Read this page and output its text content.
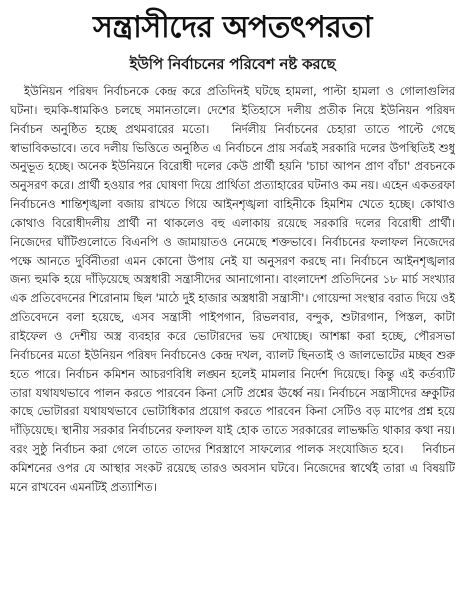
সন্ত্রাসীদের অপতৎপরতা
ইউপি নির্বাচনের পরিবেশ নষ্ট করছে

ইউনিয়ন পরিষদ নির্বাচনকে কেন্দ্র করে প্রতিদিনই ঘটছে হামলা, পাল্টা হামলা ও গোলাগুলির ঘটনা। হুমকি-ধামকিও চলছে সমানতালে। দেশের ইতিহাসে দলীয় প্রতীক নিয়ে ইউনিয়ন পরিষদ নির্বাচন অনুষ্ঠিত হচ্ছে প্রথমবারের মতো। নির্দলীয় নির্বাচনের চেহারা তাতে পাল্টে গেছে স্বাভাবিকভাবে। তবে দলীয় ভিত্তিতে অনুষ্ঠিত এ নির্বাচনে প্রায় সর্বত্রই সরকারি দলের উপস্থিতিই শুধু অনুভূত হচ্ছে। অনেক ইউনিয়নে বিরোধী দলের কেউ প্রার্থী হয়নি 'চাচা আপন প্রাণ বাঁচা' প্রবচনকে অনুসরণ করে। প্রার্থী হওয়ার পর ঘোষণা দিয়ে প্রার্থিতা প্রত্যাহারের ঘটনাও কম নয়। এহেন একতরফা নির্বাচনেও শান্তিশৃঙ্খলা বজায় রাখতে গিয়ে আইনশৃঙ্খলা বাহিনীকে হিমশিম খেতে হচ্ছে। কোথাও কোথাও বিরোধীদলীয় প্রার্থী না থাকলেও বহু এলাকায় রয়েছে সরকারি দলের বিরোধী প্রার্থী। নিজেদের ঘাঁটিগুলোতে বিএনপি ও জামায়াতও নেমেছে শক্তভাবে। নির্বাচনের ফলাফল নিজেদের পক্ষে আনতে দুর্বিনীতরা এমন কোনো উপায় নেই যা অনুসরণ করছে না। নির্বাচনে আইনশৃঙ্খলার জন্য হুমকি হয়ে দাঁড়িয়েছে অস্ত্রধারী সন্ত্রাসীদের আনাগোনা। বাংলাদেশ প্রতিদিনের ১৮ মার্চ সংখ্যার এক প্রতিবেদনের শিরোনাম ছিল 'মাঠে দুই হাজার অস্ত্রধারী সন্ত্রাসী'। গোয়েন্দা সংস্থার বরাত দিয়ে ওই প্রতিবেদনে বলা হয়েছে, এসব সন্ত্রাসী পাইপগান, রিভলবার, বন্দুক, শুটারগান, পিস্তল, কাটা রাইফেল ও দেশীয় অস্ত্র ব্যবহার করে ভোটারদের ভয় দেখাচ্ছে। আশঙ্কা করা হচ্ছে, পৌরসভা নির্বাচনের মতো ইউনিয়ন পরিষদ নির্বাচনেও কেন্দ্র দখল, ব্যালট ছিনতাই ও জালভোটের মচ্ছব শুরু হতে পারে। নির্বাচন কমিশন আচরণবিধি লঙ্ঘন হলেই মামলার নির্দেশ দিয়েছে। কিন্তু এই কর্তব্যটি তারা যথাযথভাবে পালন করতে পারবেন কিনা সেটি প্রশ্নের ঊর্ধ্বে নয়। নির্বাচনে সন্ত্রাসীদের ভ্রুকুটির কাছে ভোটাররা যথাযথভাবে ভোটাধিকার প্রয়োগ করতে পারবেন কিনা সেটিও বড় মাপের প্রশ্ন হয়ে দাঁড়িয়েছে। স্থানীয় সরকার নির্বাচনের ফলাফল যাই হোক তাতে সরকারের লাভক্ষতি থাকার কথা নয়। বরং সুষ্ঠু নির্বাচন করা গেলে তাতে তাদের শিরস্ত্রাণে সাফল্যের পালক সংযোজিত হবে। নির্বাচন কমিশনের ওপর যে আস্থার সংকট রয়েছে তারও অবসান ঘটবে। নিজেদের স্বার্থেই তারা এ বিষয়টি মনে রাখবেন এমনটিই প্রত্যাশিত।
